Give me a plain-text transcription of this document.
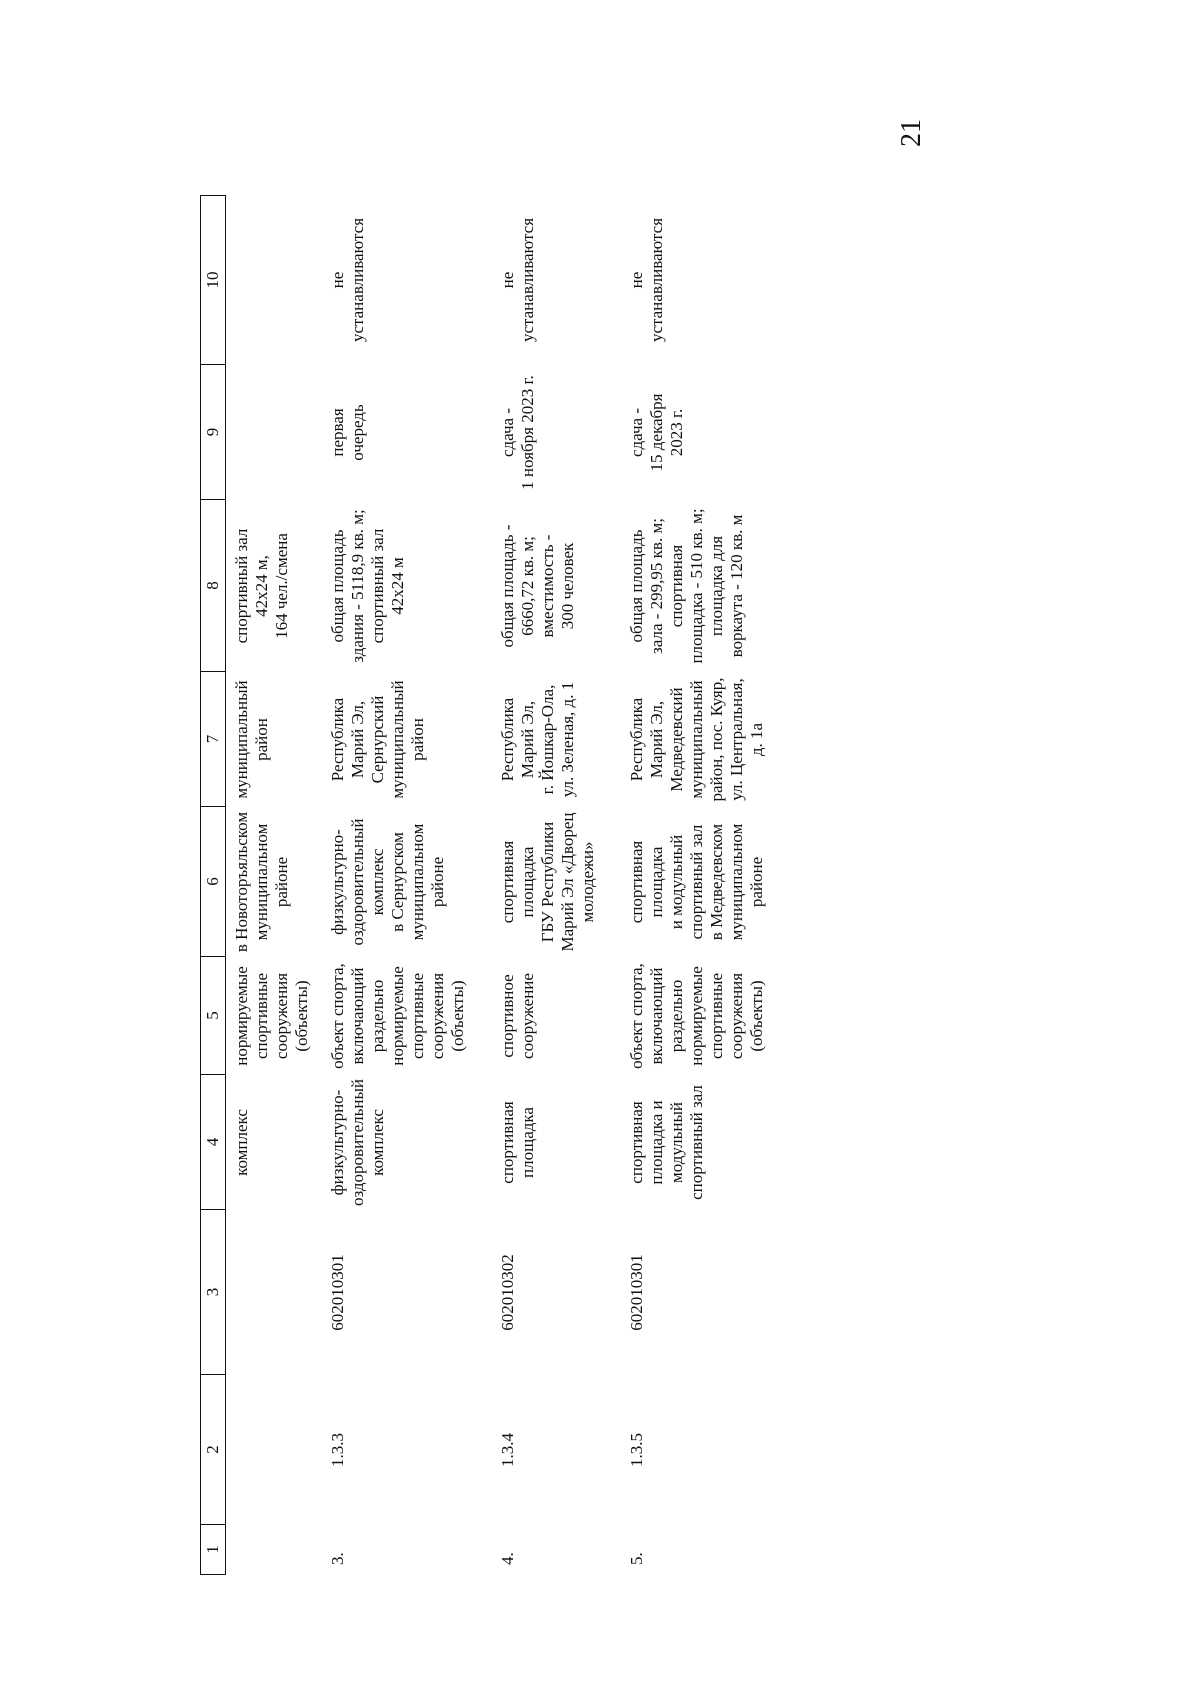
21
1
2
3
4
5
6
7
8
9
10
комплекс
нормируемые
спортивные
сооружения
(объекты)
в Новоторъяльском
муниципальном
районе
муниципальный
район
спортивный зал
42x24 м,
164 чел./смена
3.
1.3.3
602010301
физкультурно-
оздоровительный
комплекс
объект спорта,
включающий
раздельно
нормируемые
спортивные
сооружения
(объекты)
физкультурно-
оздоровительный
комплекс
в Сернурском
муниципальном
районе
Республика
Марий Эл,
Сернурский
муниципальный
район
общая площадь
здания - 5118,9 кв. м;
спортивный зал
42x24 м
первая
очередь
не
устанавливаются
4.
1.3.4
602010302
спортивная
площадка
спортивное
сооружение
спортивная
площадка
ГБУ Республики
Марий Эл «Дворец
молодежи»
Республика
Марий Эл,
г. Йошкар-Ола,
ул. Зеленая, д. 1
общая площадь -
6660,72 кв. м;
вместимость -
300 человек
сдача -
1 ноября 2023 г.
не
устанавливаются
5.
1.3.5
602010301
спортивная
площадка и
модульный
спортивный зал
объект спорта,
включающий
раздельно
нормируемые
спортивные
сооружения
(объекты)
спортивная
площадка
и модульный
спортивный зал
в Медведевском
муниципальном
районе
Республика
Марий Эл,
Медведевский
муниципальный
район, пос. Куяр,
ул. Центральная,
д. 1а
общая площадь
зала - 299,95 кв. м;
спортивная
площадка - 510 кв. м;
площадка для
воркаута - 120 кв. м
сдача -
15 декабря
2023 г.
не
устанавливаются
